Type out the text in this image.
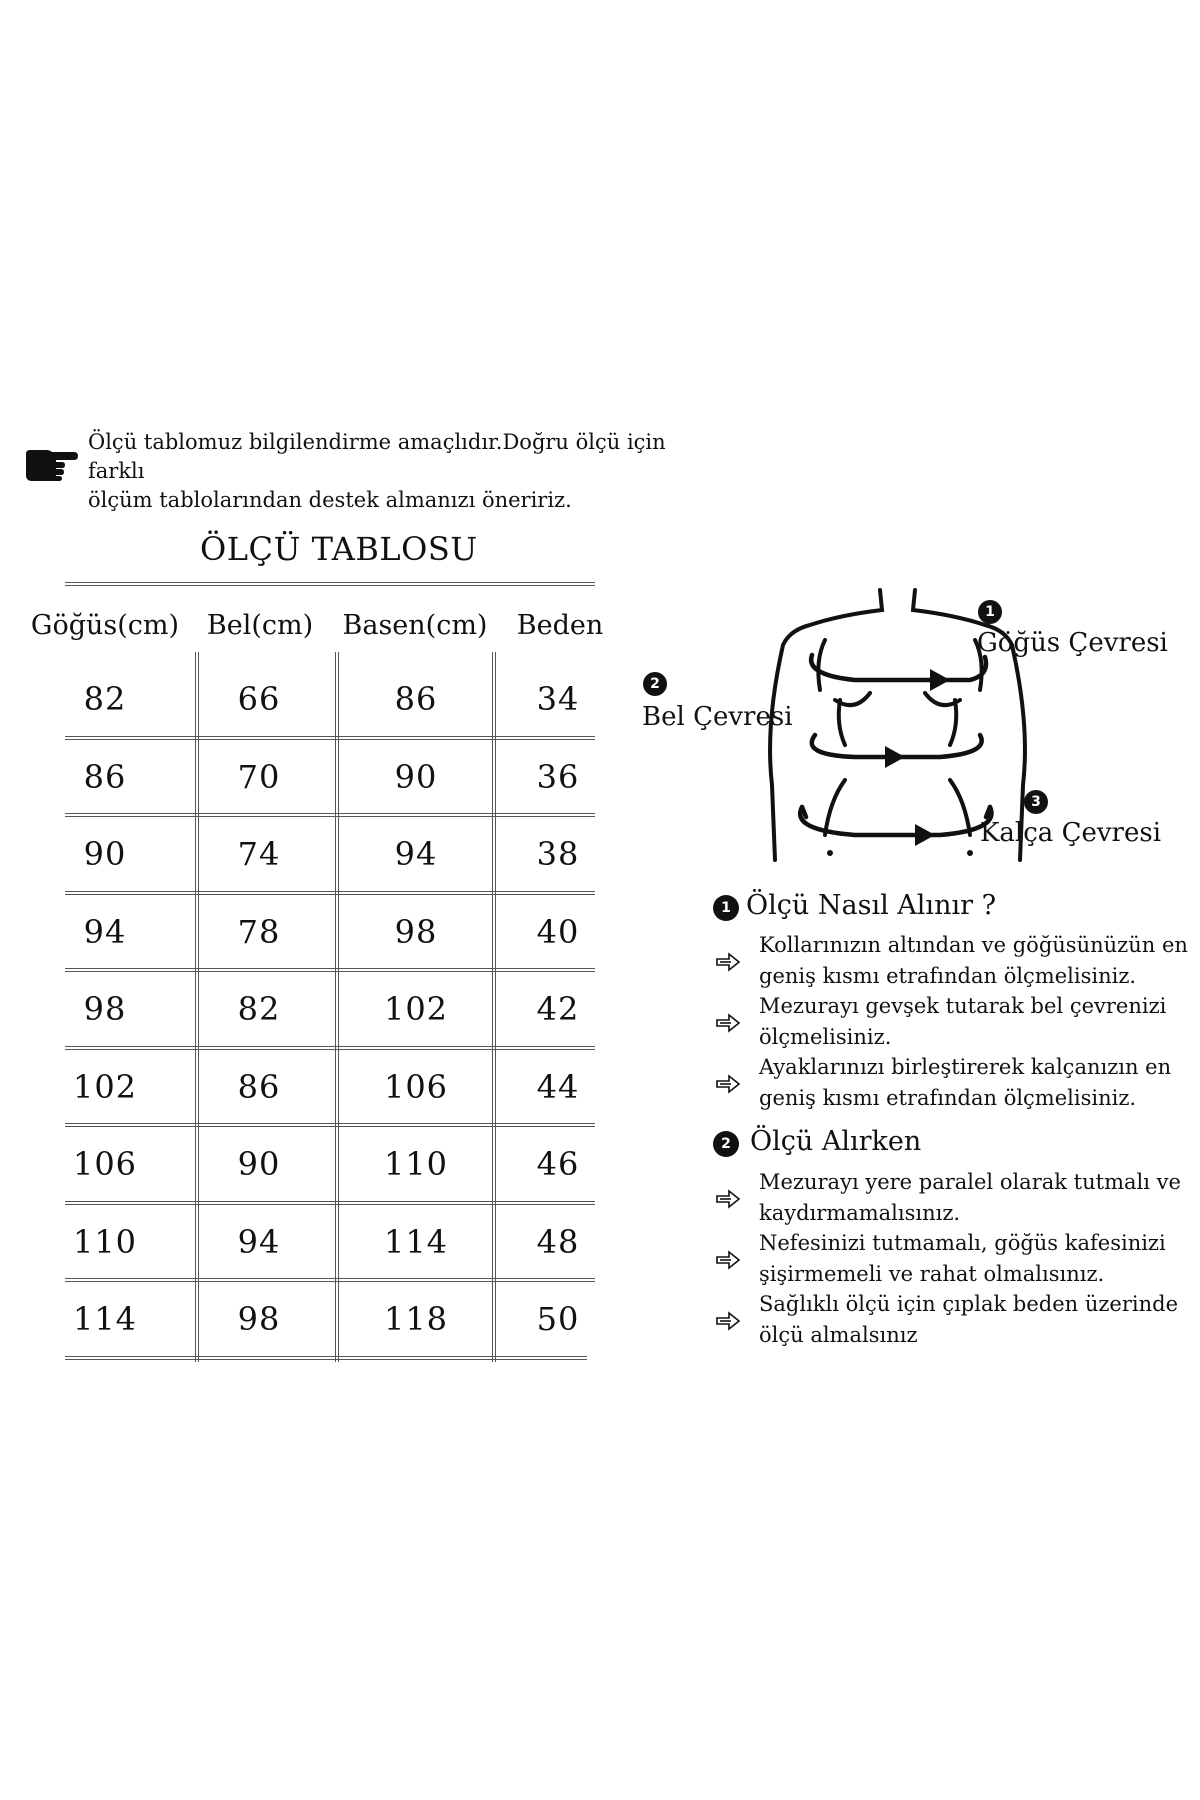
Ölçü tablomuz bilgilendirme amaçlıdır.Doğru ölçü için farklı
ölçüm tablolarından destek almanızı öneririz.
ÖLÇÜ TABLOSU
Göğüs(cm)	Bel(cm)	Basen(cm)	Beden
82	66	86	34
86	70	90	36
90	74	94	38
94	78	98	40
98	82	102	42
102	86	106	44
106	90	110	46
110	94	114	48
114	98	118	50
1
Göğüs Çevresi
2
Bel Çevresi
3
Kalça Çevresi
1 Ölçü Nasıl Alınır ?
Kollarınızın altından ve göğüsünüzün en
geniş kısmı etrafından ölçmelisiniz.
Mezurayı gevşek tutarak bel çevrenizi
ölçmelisiniz.
Ayaklarınızı birleştirerek kalçanızın en
geniş kısmı etrafından ölçmelisiniz.
2 Ölçü Alırken
Mezurayı yere paralel olarak tutmalı ve
kaydırmamalısınız.
Nefesinizi tutmamalı, göğüs kafesinizi
şişirmemeli ve rahat olmalısınız.
Sağlıklı ölçü için çıplak beden üzerinde
ölçü almalsınız
